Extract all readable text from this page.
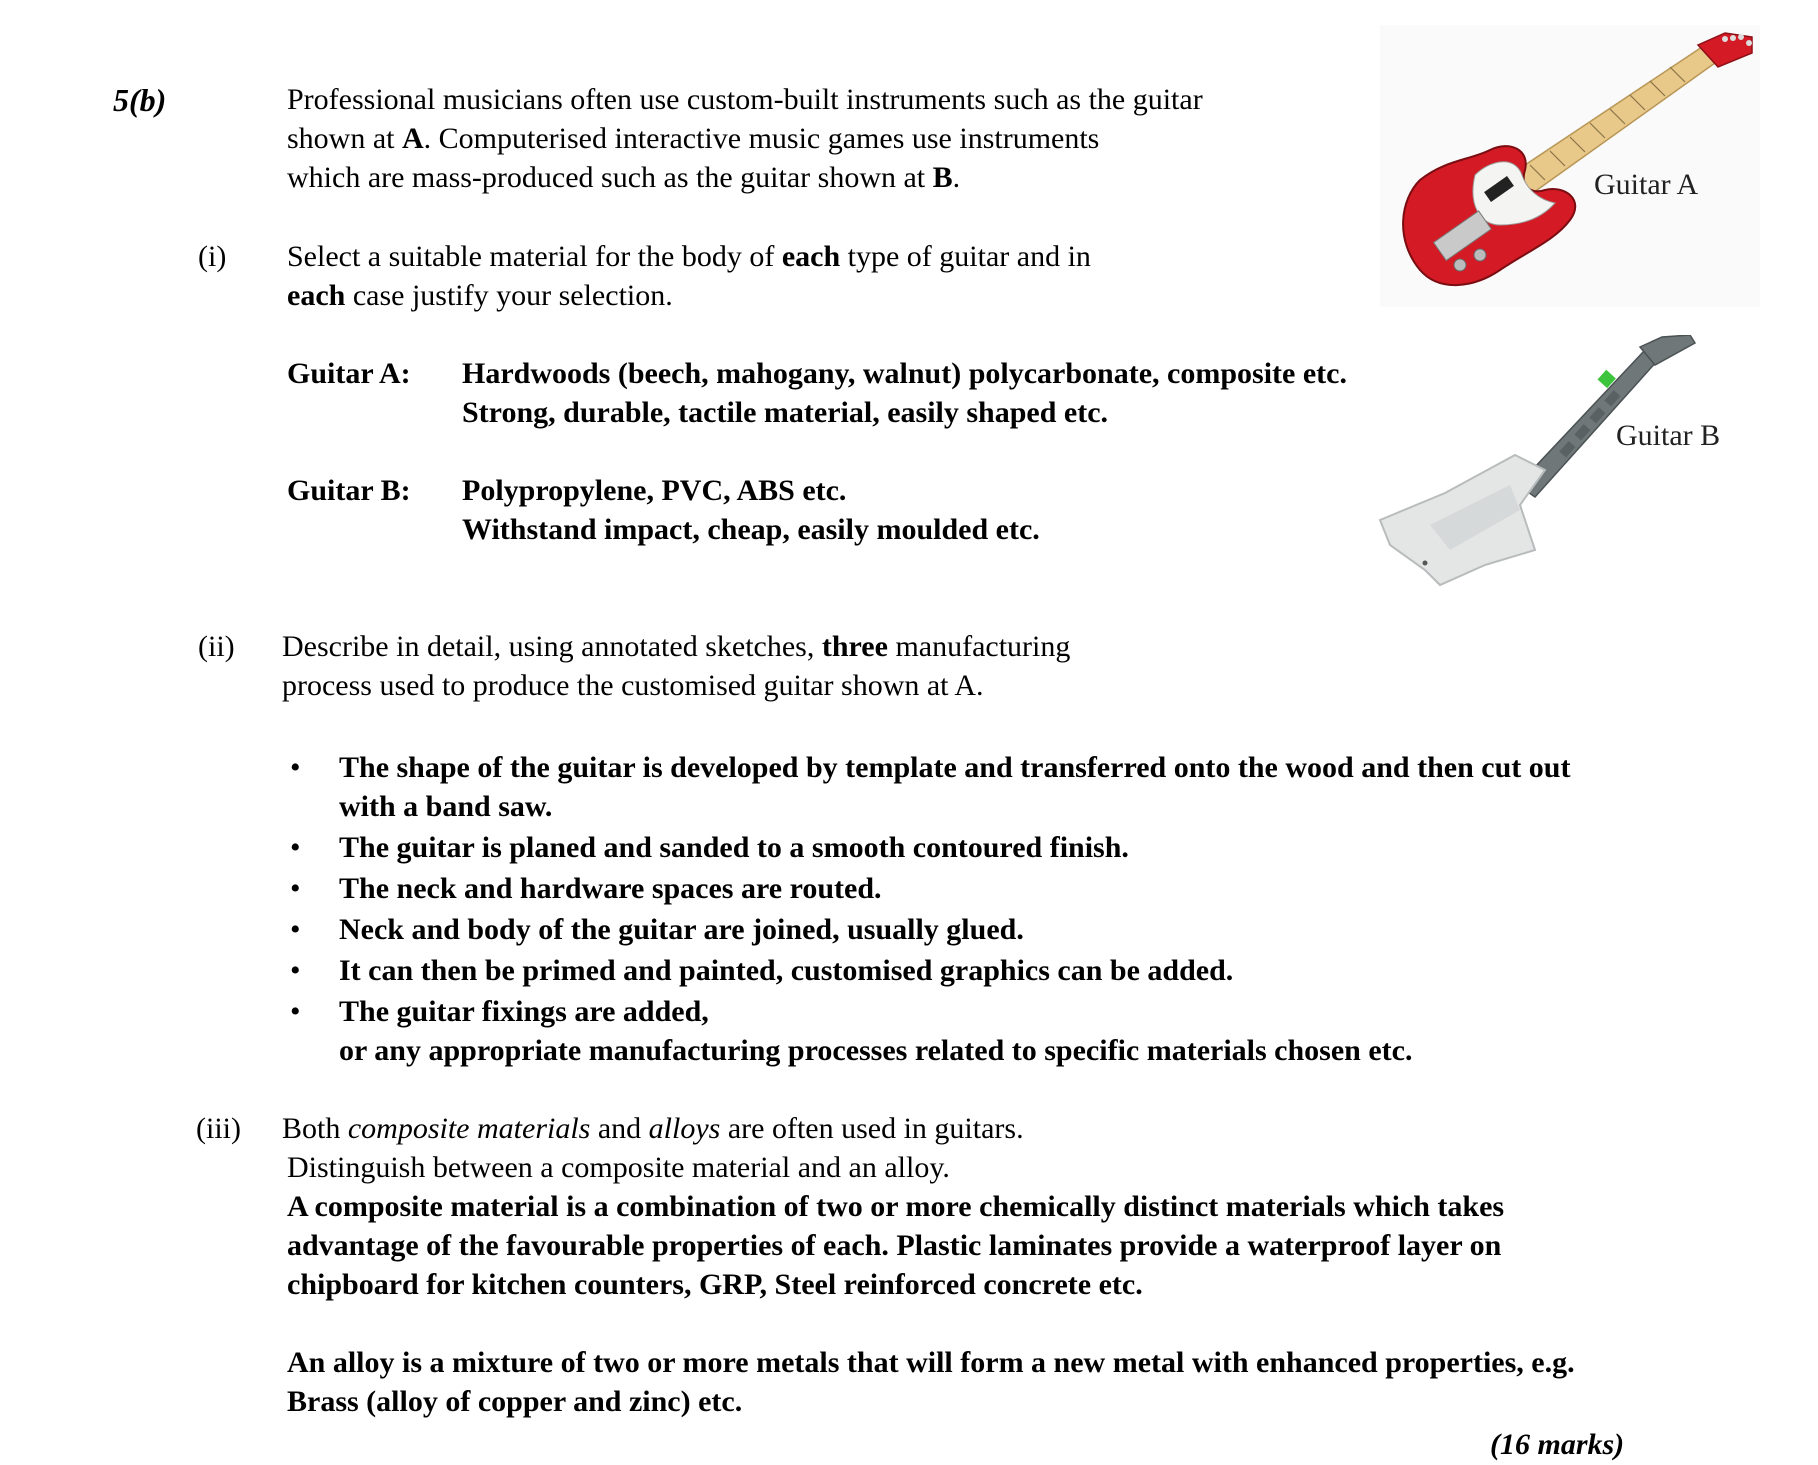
5(b)	Professional musicians often use custom-built instruments such as the guitar
shown at A. Computerised interactive music games use instruments
which are mass-produced such as the guitar shown at B.
(i) Select a suitable material for the body of each type of guitar and in
each case justify your selection.
Guitar A: Hardwoods (beech, mahogany, walnut) polycarbonate, composite etc.
Strong, durable, tactile material, easily shaped etc.
Guitar B: Polypropylene, PVC, ABS etc.
Withstand impact, cheap, easily moulded etc.
(ii) Describe in detail, using annotated sketches, three manufacturing
process used to produce the customised guitar shown at A.
• The shape of the guitar is developed by template and transferred onto the wood and then cut out
with a band saw.
• The guitar is planed and sanded to a smooth contoured finish.
• The neck and hardware spaces are routed.
• Neck and body of the guitar are joined, usually glued.
• It can then be primed and painted, customised graphics can be added.
• The guitar fixings are added,
or any appropriate manufacturing processes related to specific materials chosen etc.
(iii) Both composite materials and alloys are often used in guitars.
Distinguish between a composite material and an alloy.
A composite material is a combination of two or more chemically distinct materials which takes
advantage of the favourable properties of each. Plastic laminates provide a waterproof layer on
chipboard for kitchen counters, GRP, Steel reinforced concrete etc.
An alloy is a mixture of two or more metals that will form a new metal with enhanced properties, e.g.
Brass (alloy of copper and zinc) etc.
(16 marks)
Guitar A
Guitar B
